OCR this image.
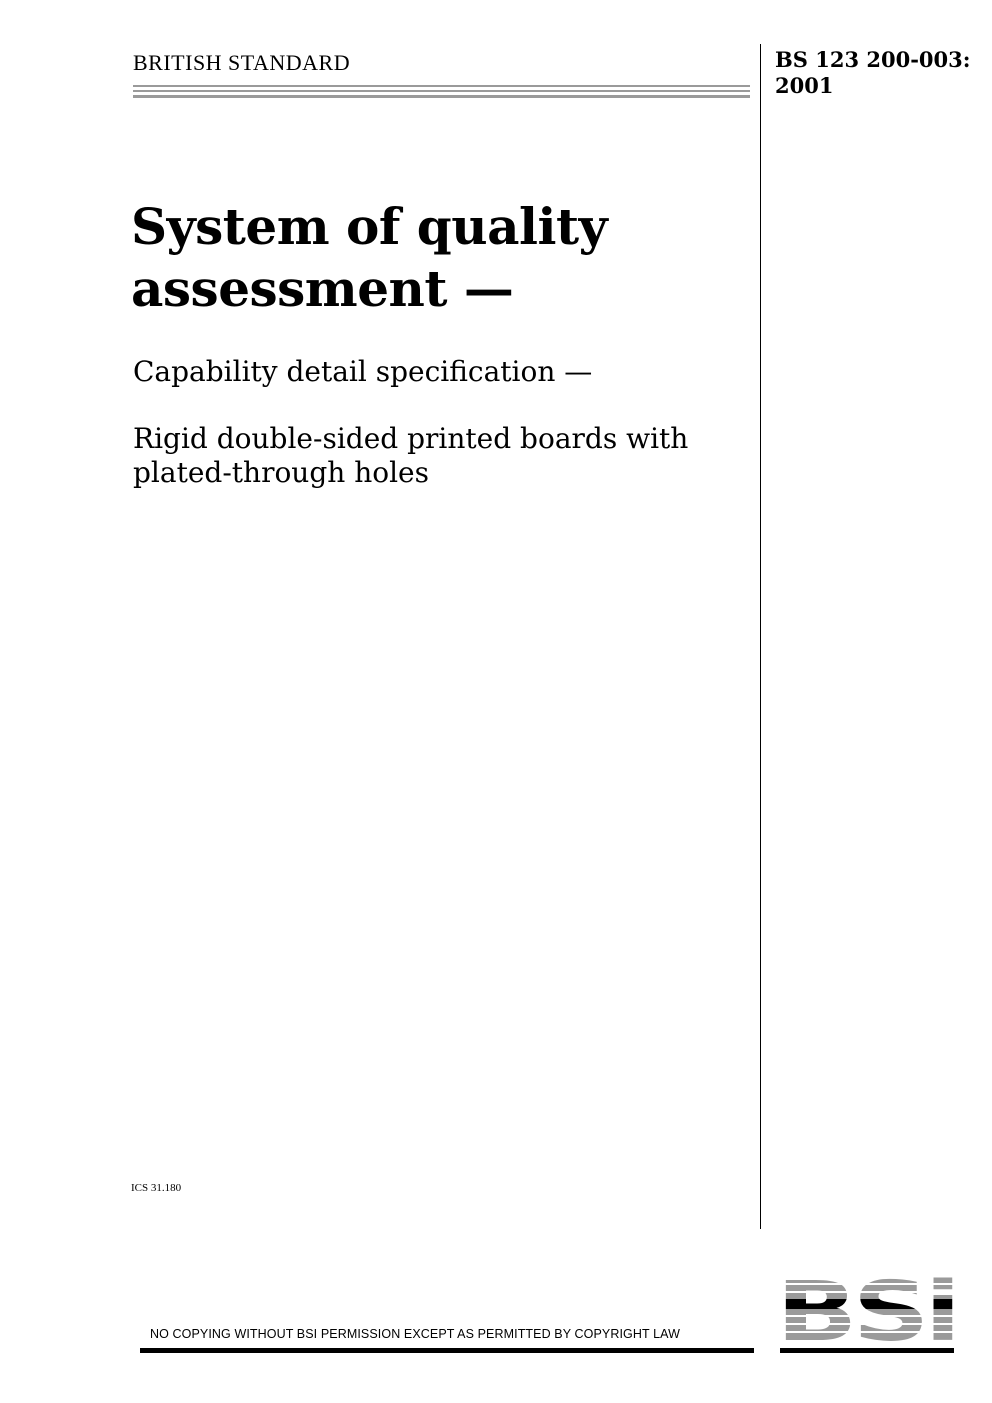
BRITISH STANDARD	BS 123 200-003:
2001
System of quality
assessment —
Capability detail specification —
Rigid double-sided printed boards with
plated-through holes
ICS 31.180
NO COPYING WITHOUT BSI PERMISSION EXCEPT AS PERMITTED BY COPYRIGHT LAW
